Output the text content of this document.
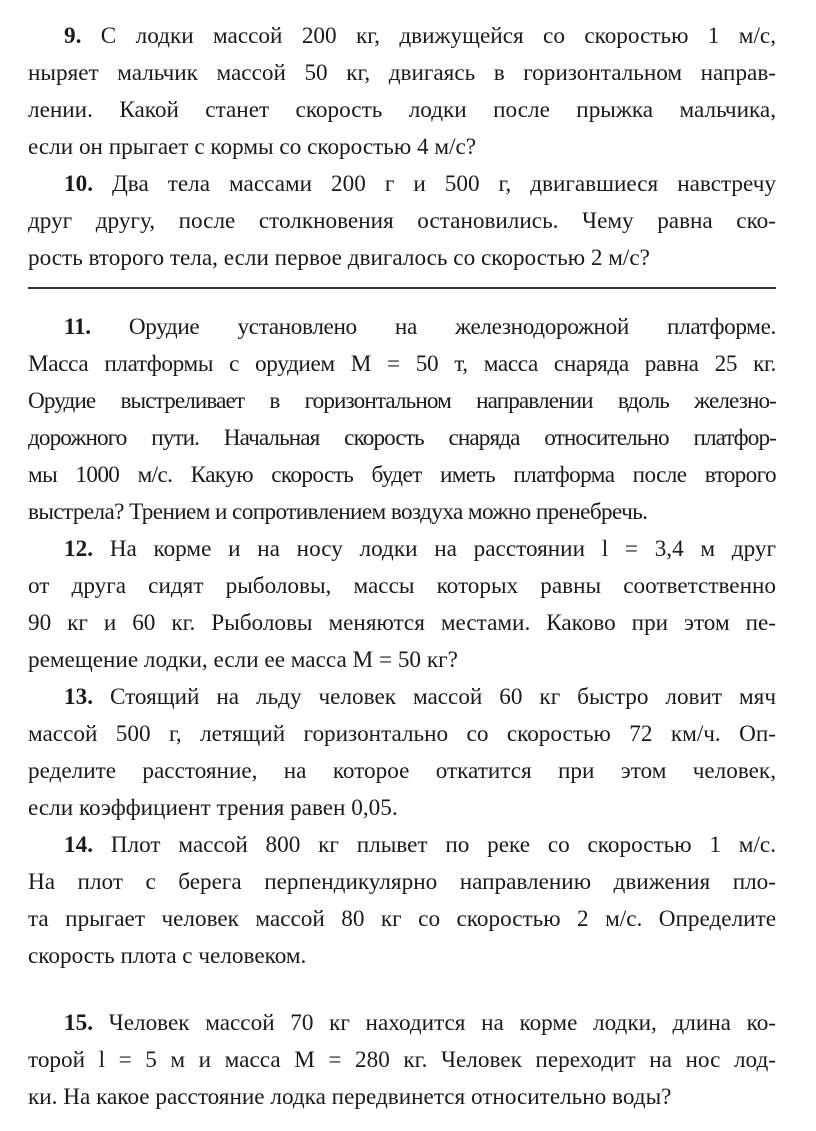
9. С лодки массой 200 кг, движущейся со скоростью 1 м/с,
ныряет мальчик массой 50 кг, двигаясь в горизонтальном направ-
лении. Какой станет скорость лодки после прыжка мальчика,
если он прыгает с кормы со скоростью 4 м/с?
10. Два тела массами 200 г и 500 г, двигавшиеся навстречу
друг другу, после столкновения остановились. Чему равна ско-
рость второго тела, если первое двигалось со скоростью 2 м/с?
11. Орудие установлено на железнодорожной платформе.
Масса платформы с орудием M = 50 т, масса снаряда равна 25 кг.
Орудие выстреливает в горизонтальном направлении вдоль железно-
дорожного пути. Начальная скорость снаряда относительно платфор-
мы 1000 м/с. Какую скорость будет иметь платформа после второго
выстрела? Трением и сопротивлением воздуха можно пренебречь.
12. На корме и на носу лодки на расстоянии l = 3,4 м друг
от друга сидят рыболовы, массы которых равны соответственно
90 кг и 60 кг. Рыболовы меняются местами. Каково при этом пе-
ремещение лодки, если ее масса M = 50 кг?
13. Стоящий на льду человек массой 60 кг быстро ловит мяч
массой 500 г, летящий горизонтально со скоростью 72 км/ч. Оп-
ределите расстояние, на которое откатится при этом человек,
если коэффициент трения равен 0,05.
14. Плот массой 800 кг плывет по реке со скоростью 1 м/с.
На плот с берега перпендикулярно направлению движения пло-
та прыгает человек массой 80 кг со скоростью 2 м/с. Определите
скорость плота с человеком.
15. Человек массой 70 кг находится на корме лодки, длина ко-
торой l = 5 м и масса M = 280 кг. Человек переходит на нос лод-
ки. На какое расстояние лодка передвинется относительно воды?
